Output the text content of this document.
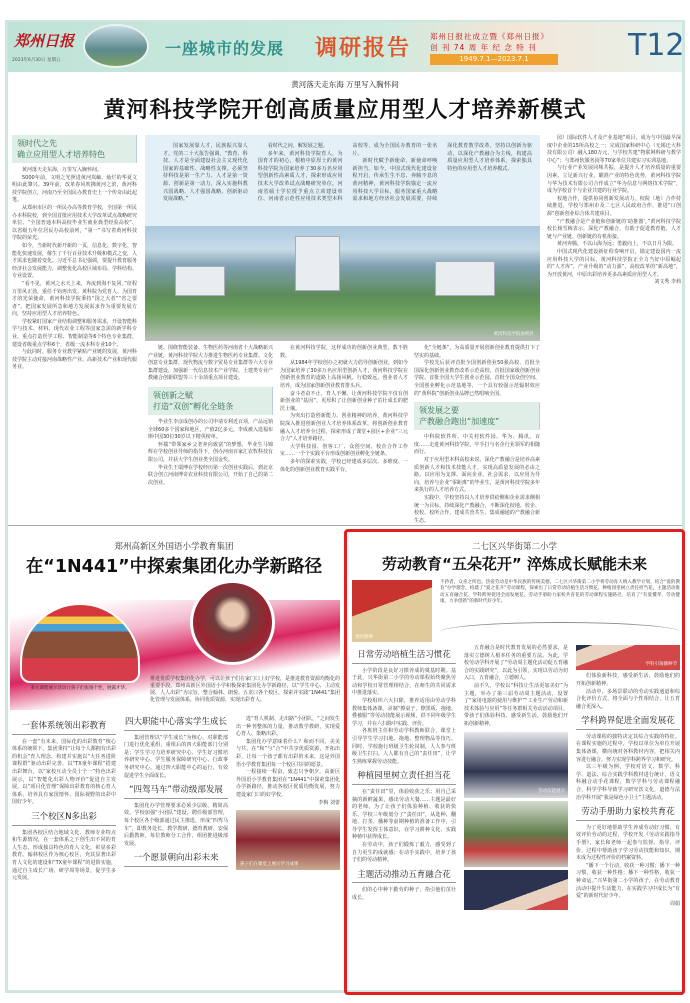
郑州日报
2023年6月30日 星期五
一座城市的发展 调研报告	郑州日报社成立暨《郑州日报》
创 刊 74 周 年 纪 念 特 刊
1949.7.1—2023.7.1	T12
黄河落天走东海 万里写入胸怀间
黄河科技学院开创高质量应用型人才培养新模式
领时代之先
确立应用型人才培养特色

黄河落天走东海，万里写入胸怀间。

5000年前，文明之光照进黄河岚岫，灿烂的华夏文明由此肇兴。39年前，改革春风吹拂黄河之滨，黄河科技学院创立，河南乃至全国民办教育史上一个传奇由此起笔。

从郑州市区的一所民办高等教育学校，全国第一所民办本科院校，到全国首批应用技术大学改革试点战略研究单位、“全国普通本科高校毕业生就业典型经验高校”、以省级五年位居民办高校前列，“第一”书写着黄河科技学院的荣光。

如今，当新时代新开新的一页，信息化、数字化、智能化快速发展，催生了千行百业技术升级和模式之变，人才需求也随着变化。习近平总书记强调，要提升教育服务经济社会发展能力，调整优化高校区域布局、学科结构、专业设置。

“看不见，黄河之水天上来，奔流到海不复回。”征程万里风正劲，重任千钧再出发。黄科院为党育人、为国育才的光荣使命，黄河科技学院秉持“国之大者”“省之要者”，把国家发展所急和地方发展需求作为重要发展方向，坚持应用型人才培养特色。

学校紧盯国家产业结构调整和服务需求，开设智能科学与技术、材料、现代农业工程等国家急需的新学科专业，重点打造医学工程、智能制造等6个特色专业集群，建设省级重点学科6个，省级一流本科专业10个。

与此同时，服务专业教学紧贴产业链的发展，黄河科技学院主动对接河南战略性产业、高新技术产业和现代服务业。

国家发展靠人才，民族振兴靠人才。党的二十大报告强调，“教育、科技、人才是全面建设社会主义现代化国家的基础性、战略性支撑。必须坚持科技是第一生产力、人才是第一资源、创新是第一动力，深入实施科教兴国战略、人才强国战略、创新驱动发展战略。”

看时代之问，解发展之题。

多年来，黄河科技学院育人，为国育才的初心，根植中原厚土的黄河科技学院为国家培养了30多万名应用型创新性高素质人才，探索形成应用技术大学改革试点战略研究单位、河南省硕士学位授予重点立项建设单位、河南省示范性应用技术类型本科高校等，成为全国民办教育的一张名片。

新时代赋予新使命，新使命呼唤新担当。如今，中国式现代化建设征程开启，传承生生不息、奔腾不息的黄河精神，黄河科技学院锚定一流应用科技大学目标，服务国家重大战略需求和地方经济社会发展需要，持续深化教育教学改革，坚持以创新为驱动，以深化产教融合为主线，构建高质量应用型人才培养体系，探索独具特色的应用型人才培养模式。

黄河科技学院南校区

链、围绕智能装备、生物医药等河南省十大战略新兴产业链，黄河科技学院大力推进生物医药专业集群、文化创意专业集群、现代物流与数字贸易专业集群等六大专业集群建设，加强新一代信息技术产业学院、土建类专业产教融合创新联盟等三十余项重点项目建设。

领创新之赋
打造“双创”孵化全链条

毕业生李彦成创办的公司申请专利近百项，产品远销全球60多个国家和地区，产值2亿多元，李成被入选福布斯中国30位30岁以下精英榜单。

怀揣“带领家乡父老奔向致富”的梦想，毕业生马锦辉在学校创业导师的指导下，创办河南百家汇农牧科技有限公司，并获大学生创业类全国金奖。

毕业生王瑞博在学校经历第一次创业实践后，到北京联合创立河南博奇农业科技有限公司，开始了自己的第二次创业。

在黄河科技学院，这样成功的创新创业典型，数不胜数。

从1984年学校创办之初就大力倡导创新创业，到如今为国家培养了30多万名应用型创新人才，黄河科技学院在创新创业教育的道路上高扬风帆、行稳致远，创业者人才培养，成为国家创新创业教育排头兵。

奋斗者奋不止，育人不懈。让黄河科技学院不仅有创新创业的“基因”，更厚积了让创新创业种子茁壮成长的肥沃土壤。

为突出打造创新能力、创业精神的培养，黄河科技学院深入推进创新创业人才培养体系改革，将创新创业教育融入人才培养全过程，探索形成了课堂+园区+企业“三元合力”人才培养路径。

大学科技园、创客工厂、众创空间、校企合作工作室……一个个实践平台形成创新创业孵化全链条。

多年的探索实践，学校已经建成多层次、多维度、一体化的创新创业教育实践平台。

化“全链条”，为高质量开展创新创业教育提供打下了坚实的基础。

学校先后获评首批全国创新创业50强高校、首批全国深化创新创业教育改革示范高校、首批国家级创新创业学院、首批全国大学生创业示范园、首批全国众创空间、全国创业孵化示范基地等，一个具有较强示范辐射效应的“黄科院”创新创业品牌已然唱响全国。

领发展之要
产教融合跑出“加速度”

中科院软件所、中关村软件园、华为、腾讯、百度……走进黄河科技学院，牢手打与名企行业领军的相随而行。

对于应用型本科高校来说，深化产教融合是培养高素质创新人才和技术技能人才，实现高质量发展的必由之路。以应用为支撑、面向企业、社会需求、以应用为导向、培养与企业“零距离”的毕业生，是黄河科技学院多年来执行的人才培养方式。

实践中，学校坚持以人才培养供给侧和企业需求侧相统一为目标，持续深化产教融合，不断深化校地、校企、校校、校所合作，建成共营共生、集成融通的产教融合新生态。

园）国际软件人才及产业基地”项目，成为与中国最早深度中企业的15所高校之一；完成国家科研中心（无锡迁大科技有限公司）融入180万元，与学校共建“物联网科研与教学中心”；与郑州软服务园等70家单位共建实习实训基地。

与行业产业发展同频共振，是提升人才培养质量的重要因素。立足新兴行业，瞄准产业的特色优势，黄河科技学院与华为技术有限公司合作成立“华为信息与网络技术学院”，成为学校首个与企业共建的行业学院。

校地合作，提供协同创新发展动力。校院（地）合作持续推进，学校与郑州市及二七区人民政府合作，推进“口创源”创新创业综合体共建项目。

“产教融合是产业链和创新链的‘助推器’，”黄河科技学院校长杨雪梅表示，深化产教融合，有助于促进教育链、人才链与产业链、创新链的有机衔接。

黄河奔腾，不以山海为远；勇毅向上，不以日月为限。

中国式现代化建设新征程奏响开启，锚定建设国内一流应用科技大学的目标，黄河科技学院正全力当好中原崛起的“人才库”、产业升级的“动力源”、高校改革的“新高地”，为开放黄河，中原出彩培养更多高素质应用型人才。

刘文秀 李莉

郑州高新区外国语小学教育集团
在“1N441”中探索集团化办学新路径
多元课程展示活动让孩子们张扬个性，展露才华。
推进优质学校集团化办学，可以让孩子们在家门口上好学校，是推进教育资源均衡化的重要手段。郑州高新区外国语小学积极探索集团化办学新路径，以“学生中心、主动发展、人人出彩”为宗旨，整合翰林、朗悦、五龙口各个校区，探索并实践“1N441”集团化管理与发展体系，协同优质资源，实现出彩育人。
一套体系统领出彩教育

在一套“有未来、国际化的出彩教育”核心体系的统领下，集团秉持“让每个人都拥有出彩的机会”育人理念，构建并实施以“大任务进阶课程群”驱动出彩完善，以“TX童年课程”搭建出彩舞台，以“家校互动全员十个一”特色出彩展示，以“智能化出彩人物评价”促进自主发展，以“项目化管理”保障出彩教育的核心育人体系，培养具有家国情怀、国际视野的出彩中国好少年。

三个校区N多出彩

集团各校区结合地域文化、教师专业特点和生源情况，在一套体系之下创生出不同的育人生态，形成独具特色的育人文化，彰显多彩教育。翰林校区作为核心校区，充其显著出彩育人文化的建设和“TX童年课程”的进阶实施，通过自主成长广场、研学周等场景，促学生多元发展。

四大职能中心落实学生成长

集团管理以“学生成长”为核心，对职能部门进行优化重组，重组后的四大职能部门分别是：学生学习力培养研究中心、学生好习惯培养研究中心、学生服务保障研究中心、行政事务研究中心。通过四大职能中心的运行，有效促进学生全面成长。

“四驾马车”带动级部发展

集团化办学管理要求必须少层级、精简高效。学校加强“小团队”建设，聘任级部管理，每个校区各个级部通过民主推选，形成“四驾马车”，即教务处长、教学教研、德育教研、安保后勤教师，每位教师分工合作，组团推进级部发展。

一个愿景朝向出彩未来

选“育人机制、走出路”小团队，“之间发生出一种刊整体的力量，推动教学教研，实现爱心育人、策略出彩。

集团化办学意味着什么？和而不同、美美与共，在“和”与“合”中共享优质资源，开拓出彩，让每一个孩子都有出彩的未来，这是外国语小学教育集团每一个校区共同的愿景。

一程接续一程奋，致志只争朝夕。高新区外国语小学教育集团在“1N441”中探索集团化办学新路径，推动各校区优质均衡发展，努力建设家门口的好学校。

李梅 刘蕾

孩子们在课堂上展示学习成果
二七区兴华街第二小学
劳动教育“五朵花开” 淬炼成长赋能未来
爱的播种
不矜者，众喜之所也。热爱劳动是中华民族的传统美德。二七区兴华街第二小学将劳动育人纳入教学计划，结合“爱的教育”办学理念，构建了“爱之花开”劳动课程，探索出了日常劳动培植生活习惯花、种植园里树立责任担当花、主题活动推动五育融合花、学科跨界促进全面发展花、劳动手册助力家校共育花的劳动课程实施路径，培育了“有爱懂孝、劳动健康、力争创新”的新时代好少年。
日常劳动培植生活习惯花

小学阶段是良好习惯养成的奠基时期。基于此，兴华街第二小学的劳动课程始终聚焦劳动和学校日常管理相结合，在师生的共同需求中推进落实。

学校组织六大扫除，推荐适用由劳动学科教师集体备课，录制“擦桌子、擦黑板、拖地、叠被服”等劳动技能展示视频，供不同年级学生学习，并在六扫除中实践、评价。

各班班主任和劳动学科教师联合，课堂上引导学生学习扫地、拖地、整理物品等技巧。同时，学校施行班级卫生轮岗制，人人参与班级卫生打扫，人人都有自己的“责任田”，让学生熟练掌握劳动技能。

种植园里树立责任担当花

在“责任田”里，体验收获之乐；用自己采摘的新鲜蔬果，感出劳动大餐……主题是最好的老师。为了让孩子们体验种植、收获的快乐，学校三年级划分了“责任田”，从选种、翻地、打垄、播种等前期种植的准备工作中，引导学生发挥主体意识，在学习耕种文化、实践种植中获得成长。

在劳动中，孩子们锻炼了毅力，感受到了自力更生的成就感；在动手实践中，培养了孩子们的劳动精神。

主题活动推动五育融合花

们的心中种下勤劳的种子，指引他们茁壮成长。

五育融合是时代教育发展的必然要求，是落实立德树人根本任务的重要方法。为此，学校劳动学科开展了“劳动周主题化活动促五育融合的实践研究”，以此为引领，实现以劳动为切入口，五育融合，立德树人。

前不久，学校以“科技让生活更加美好”为主题，举办了第三届劳动周主题活动，设置了“家用电器的使用与维护”“工业生产劳动和新技术体验与应用”等任务群相关劳动活动项目，带孩子们体验科技、感受新生活，鼓励他们开拓创新精神。

劳动技能展示
学科引领播种节

们体验新科技，感受新生活，鼓励他们的开拓创新精神。

活动中，多场景联动的劳动实践通道和综合化评价方式，将全面与个性相结合，让五育融合更深入。

学科跨界促进全面发展花

劳动课程的独特决定其综合实践的特征。在课程实施的过程中，学校以单位为单位开展集体备课，横向统对各科教材内容，把相关内容进行融合，努力实现学科跨界学习和研究。

以三年级为例，学校对语文、数学、科学、道法、综合实践学科教材进行统计，语文科融合动手花课程，数学学科与劳动课程融合，科学学科导致学习研究饮文化，道德与法治学科开展“我是绿色小卫士”主题活动。

劳动手册助力家校共育花

为了更好地帮助学生养成劳动好习惯，有效评价劳动的过程，学校开发《劳动实践指导手册》，家长和老师一起参与监督、指导、评价，过程中帮助孩子学习劳动技能和知识，期末成为过程性评价的档案资料。

“播下一个行动，收获一种习惯；播下一种习惯，收获一种性格；播下一种性格，收获一种命运。”兴华街第二小学的孩子，在劳动教育活动中提升生活能力，在实践学习中成长为“有爱”的新时代好少年。

周娟
